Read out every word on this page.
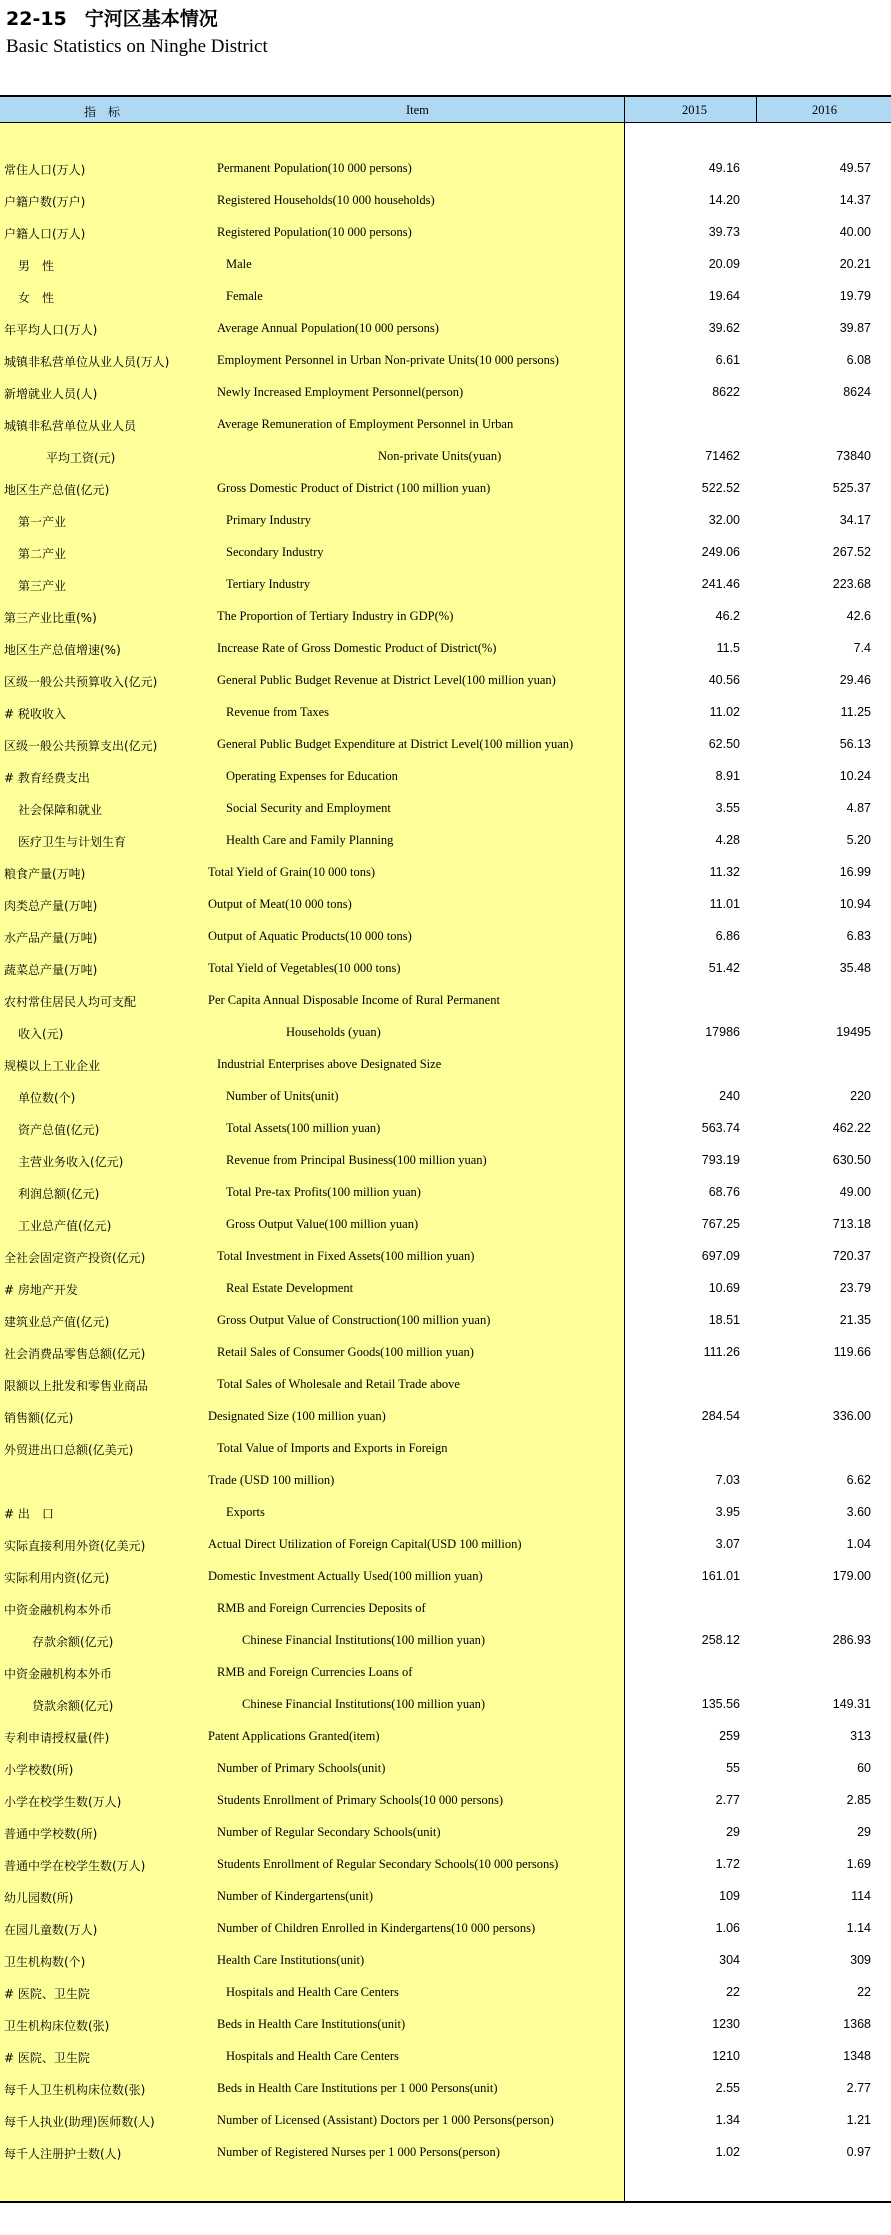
22-15 宁河区基本情况
Basic Statistics on Ninghe District
指　标	Item	2015	2016
常住人口(万人)	Permanent Population(10 000 persons)	49.16	49.57
户籍户数(万户)	Registered Households(10 000 households)	14.20	14.37
户籍人口(万人)	Registered Population(10 000 persons)	39.73	40.00
男　性	Male	20.09	20.21
女　性	Female	19.64	19.79
年平均人口(万人)	Average Annual Population(10 000 persons)	39.62	39.87
城镇非私营单位从业人员(万人)	Employment Personnel in Urban Non-private Units(10 000 persons)	6.61	6.08
新增就业人员(人)	Newly Increased Employment Personnel(person)	8622	8624
城镇非私营单位从业人员	Average Remuneration of Employment Personnel in Urban
平均工资(元)	Non-private Units(yuan)	71462	73840
地区生产总值(亿元)	Gross Domestic Product of District (100 million yuan)	522.52	525.37
第一产业	Primary Industry	32.00	34.17
第二产业	Secondary Industry	249.06	267.52
第三产业	Tertiary Industry	241.46	223.68
第三产业比重(%)	The Proportion of Tertiary Industry in GDP(%)	46.2	42.6
地区生产总值增速(%)	Increase Rate of Gross Domestic Product of District(%)	11.5	7.4
区级一般公共预算收入(亿元)	General Public Budget Revenue at District Level(100 million yuan)	40.56	29.46
# 税收收入	Revenue from Taxes	11.02	11.25
区级一般公共预算支出(亿元)	General Public Budget Expenditure at District Level(100 million yuan)	62.50	56.13
# 教育经费支出	Operating Expenses for Education	8.91	10.24
社会保障和就业	Social Security and Employment	3.55	4.87
医疗卫生与计划生育	Health Care and Family Planning	4.28	5.20
粮食产量(万吨)	Total Yield of Grain(10 000 tons)	11.32	16.99
肉类总产量(万吨)	Output of Meat(10 000 tons)	11.01	10.94
水产品产量(万吨)	Output of Aquatic Products(10 000 tons)	6.86	6.83
蔬菜总产量(万吨)	Total Yield of Vegetables(10 000 tons)	51.42	35.48
农村常住居民人均可支配	Per Capita Annual Disposable Income of Rural Permanent
收入(元)	Households (yuan)	17986	19495
规模以上工业企业	Industrial Enterprises above Designated Size
单位数(个)	Number of Units(unit)	240	220
资产总值(亿元)	Total Assets(100 million yuan)	563.74	462.22
主营业务收入(亿元)	Revenue from Principal Business(100 million yuan)	793.19	630.50
利润总额(亿元)	Total Pre-tax Profits(100 million yuan)	68.76	49.00
工业总产值(亿元)	Gross Output Value(100 million yuan)	767.25	713.18
全社会固定资产投资(亿元)	Total Investment in Fixed Assets(100 million yuan)	697.09	720.37
# 房地产开发	Real Estate Development	10.69	23.79
建筑业总产值(亿元)	Gross Output Value of Construction(100 million yuan)	18.51	21.35
社会消费品零售总额(亿元)	Retail Sales of Consumer Goods(100 million yuan)	111.26	119.66
限额以上批发和零售业商品	Total Sales of Wholesale and Retail Trade above
销售额(亿元)	Designated Size (100 million yuan)	284.54	336.00
外贸进出口总额(亿美元)	Total Value of Imports and Exports in Foreign
Trade (USD 100 million)	7.03	6.62
# 出　口	Exports	3.95	3.60
实际直接利用外资(亿美元)	Actual Direct Utilization of Foreign Capital(USD 100 million)	3.07	1.04
实际利用内资(亿元)	Domestic Investment Actually Used(100 million yuan)	161.01	179.00
中资金融机构本外币	RMB and Foreign Currencies Deposits of
存款余额(亿元)	Chinese Financial Institutions(100 million yuan)	258.12	286.93
中资金融机构本外币	RMB and Foreign Currencies Loans of
贷款余额(亿元)	Chinese Financial Institutions(100 million yuan)	135.56	149.31
专利申请授权量(件)	Patent Applications Granted(item)	259	313
小学校数(所)	Number of Primary Schools(unit)	55	60
小学在校学生数(万人)	Students Enrollment of Primary Schools(10 000 persons)	2.77	2.85
普通中学校数(所)	Number of Regular Secondary Schools(unit)	29	29
普通中学在校学生数(万人)	Students Enrollment of Regular Secondary Schools(10 000 persons)	1.72	1.69
幼儿园数(所)	Number of Kindergartens(unit)	109	114
在园儿童数(万人)	Number of Children Enrolled in Kindergartens(10 000 persons)	1.06	1.14
卫生机构数(个)	Health Care Institutions(unit)	304	309
# 医院、卫生院	Hospitals and Health Care Centers	22	22
卫生机构床位数(张)	Beds in Health Care Institutions(unit)	1230	1368
# 医院、卫生院	Hospitals and Health Care Centers	1210	1348
每千人卫生机构床位数(张)	Beds in Health Care Institutions per 1 000 Persons(unit)	2.55	2.77
每千人执业(助理)医师数(人)	Number of Licensed (Assistant) Doctors per 1 000 Persons(person)	1.34	1.21
每千人注册护士数(人)	Number of Registered Nurses per 1 000 Persons(person)	1.02	0.97
